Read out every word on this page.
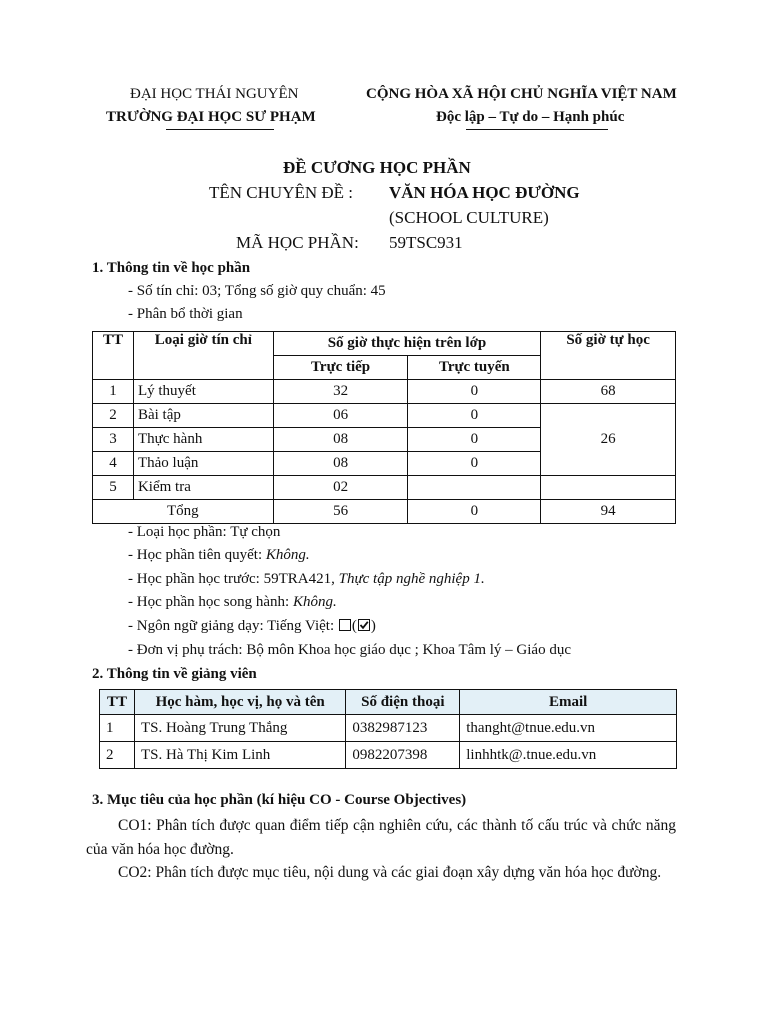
ĐẠI HỌC THÁI NGUYÊN
TRƯỜNG ĐẠI HỌC SƯ PHẠM
CỘNG HÒA XÃ HỘI CHỦ NGHĨA VIỆT NAM
Độc lập – Tự do – Hạnh phúc
ĐỀ CƯƠNG HỌC PHẦN
TÊN CHUYÊN ĐỀ : VĂN HÓA HỌC ĐƯỜNG
(SCHOOL CULTURE)
MÃ HỌC PHẦN: 59TSC931
1. Thông tin về học phần
- Số tín chỉ: 03; Tổng số giờ quy chuẩn: 45
- Phân bổ thời gian
TT	Loại giờ tín chỉ	Số giờ thực hiện trên lớp		Số giờ tự học
		Trực tiếp	Trực tuyến	
1	Lý thuyết	32	0	68
2	Bài tập	06	0	26
3	Thực hành	08	0	
4	Thảo luận	08	0	
5	Kiểm tra	02		
Tổng		56	0	94
- Loại học phần: Tự chọn
- Học phần tiên quyết: Không.
- Học phần học trước: 59TRA421, Thực tập nghề nghiệp 1.
- Học phần học song hành: Không.
- Ngôn ngữ giảng dạy: Tiếng Việt: ( )
- Đơn vị phụ trách: Bộ môn Khoa học giáo dục ; Khoa Tâm lý – Giáo dục
2. Thông tin về giảng viên
TT	Học hàm, học vị, họ và tên	Số điện thoại	Email
1	TS. Hoàng Trung Thắng	0382987123	thanght@tnue.edu.vn
2	TS. Hà Thị Kim Linh	0982207398	linhhtk@.tnue.edu.vn
3. Mục tiêu của học phần (kí hiệu CO - Course Objectives)
CO1: Phân tích được quan điểm tiếp cận nghiên cứu, các thành tố cấu trúc và chức năng của văn hóa học đường.
CO2: Phân tích được mục tiêu, nội dung và các giai đoạn xây dựng văn hóa học đường.
